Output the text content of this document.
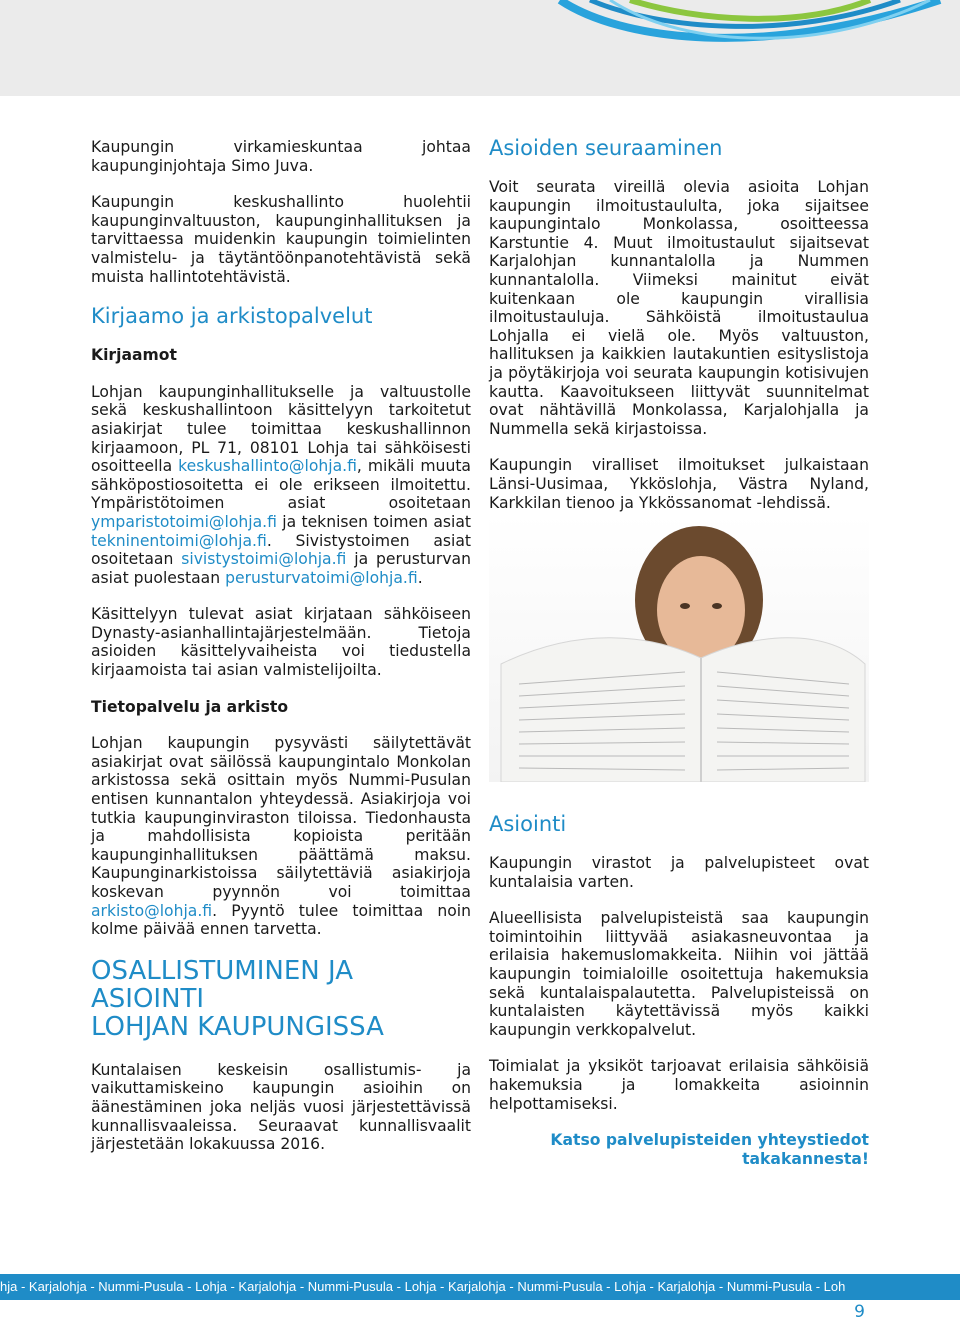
Kaupungin virkamieskuntaa johtaa kaupunginjohtaja Simo Juva.

Kaupungin keskushallinto huolehtii kaupunginvaltuuston, kaupunginhallituksen ja tarvittaessa muidenkin kaupungin toimielinten valmistelu- ja täytäntöönpanotehtävistä sekä muista hallintotehtävistä.

Kirjaamo ja arkistopalvelut
Kirjaamot

Lohjan kaupunginhallitukselle ja valtuustolle sekä keskushallintoon käsittelyyn tarkoitetut asiakirjat tulee toimittaa keskushallinnon kirjaamoon, PL 71, 08101 Lohja tai sähköisesti osoitteella keskushallinto@lohja.fi, mikäli muuta sähköpostiosoitetta ei ole erikseen ilmoitettu. Ympäristötoimen asiat osoitetaan ymparistotoimi@lohja.fi ja teknisen toimen asiat tekninentoimi@lohja.fi. Sivistystoimen asiat osoitetaan sivistystoimi@lohja.fi ja perusturvan asiat puolestaan perusturvatoimi@lohja.fi.

Käsittelyyn tulevat asiat kirjataan sähköiseen Dynasty-asianhallintajärjestelmään. Tietoja asioiden käsittelyvaiheista voi tiedustella kirjaamoista tai asian valmistelijoilta.

Tietopalvelu ja arkisto

Lohjan kaupungin pysyvästi säilytettävät asiakirjat ovat säilössä kaupungintalo Monkolan arkistossa sekä osittain myös Nummi-Pusulan entisen kunnantalon yhteydessä. Asiakirjoja voi tutkia kaupunginviraston tiloissa. Tiedonhausta ja mahdollisista kopioista peritään kaupunginhallituksen päättämä maksu. Kaupunginarkistoissa säilytettäviä asiakirjoja koskevan pyynnön voi toimittaa arkisto@lohja.fi. Pyyntö tulee toimittaa noin kolme päivää ennen tarvetta.

OSALLISTUMINEN JA ASIOINTI
LOHJAN KAUPUNGISSA

Kuntalaisen keskeisin osallistumis- ja vaikuttamiskeino kaupungin asioihin on äänestäminen joka neljäs vuosi järjestettävissä kunnallisvaaleissa. Seuraavat kunnallisvaalit järjestetään lokakuussa 2016.

Asioiden seuraaminen

Voit seurata vireillä olevia asioita Lohjan kaupungin ilmoitustaululta, joka sijaitsee kaupungintalo Monkolassa, osoitteessa Karstuntie 4. Muut ilmoitustaulut sijaitsevat Karjalohjan kunnantalolla ja Nummen kunnantalolla. Viimeksi mainitut eivät kuitenkaan ole kaupungin virallisia ilmoitustauluja. Sähköistä ilmoitustaulua Lohjalla ei vielä ole. Myös valtuuston, hallituksen ja kaikkien lautakuntien esityslistoja ja pöytäkirjoja voi seurata kaupungin kotisivujen kautta. Kaavoitukseen liittyvät suunnitelmat ovat nähtävillä Monkolassa, Karjalohjalla ja Nummella sekä kirjastoissa.

Kaupungin viralliset ilmoitukset julkaistaan Länsi-Uusimaa, Ykköslohja, Västra Nyland, Karkkilan tienoo ja Ykkössanomat -lehdissä.

Asiointi

Kaupungin virastot ja palvelupisteet ovat kuntalaisia varten.

Alueellisista palvelupisteistä saa kaupungin toimintoihin liittyvää asiakasneuvontaa ja erilaisia hakemuslomakkeita. Niihin voi jättää kaupungin toimialoille osoitettuja hakemuksia sekä kuntalaispalautetta. Palvelupisteissä on kuntalaisten käytettävissä myös kaikki kaupungin verkkopalvelut.

Toimialat ja yksiköt tarjoavat erilaisia sähköisiä hakemuksia ja lomakkeita asioinnin helpottamiseksi.

Katso palvelupisteiden yhteystiedot
takakannesta!
hja - Karjalohja - Nummi-Pusula - Lohja - Karjalohja - Nummi-Pusula - Lohja - Karjalohja - Nummi-Pusula - Lohja - Karjalohja - Nummi-Pusula - Loh
9
